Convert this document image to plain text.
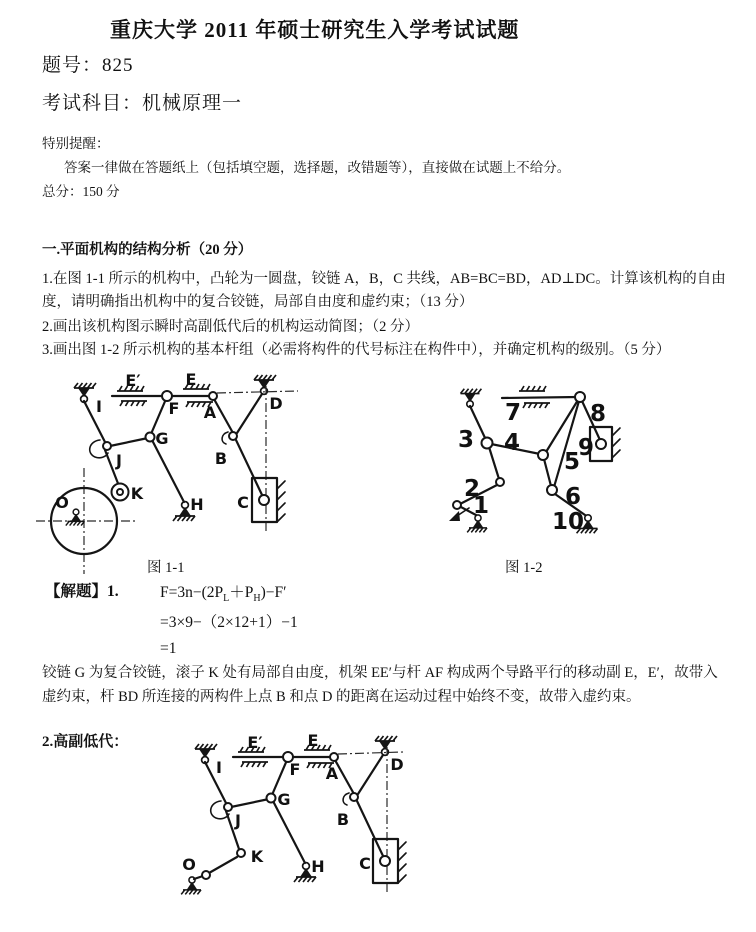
重庆大学 2011 年硕士研究生入学考试试题
题号：825
考试科目：机械原理一
特别提醒：
答案一律做在答题纸上（包括填空题，选择题，改错题等），直接做在试题上不给分。
总分：150 分
一.平面机构的结构分析（20 分）
1.在图 1-1 所示的机构中，凸轮为一圆盘，铰链 A，B，C 共线，AB=BC=BD，AD⊥DC。计算该机构的自由度，请明确指出机构中的复合铰链，局部自由度和虚约束；（13 分）
2.画出该机构图示瞬时高副低代后的机构运动简图；（2 分）
3.画出图 1-2 所示机构的基本杆组（必需将构件的代号标注在构件中），并确定机构的级别。（5 分）
I
E′	E
F A	D
G
J	B
K
O	H C
图 1-1
3 4
2
1
7	8
9
5
6
10
图 1-2
【解题】1.	$F=3n-(2P_L+P_H)-F'$
=3×9−（2×12+1）−1
=1
铰链 G 为复合铰链，滚子 K 处有局部自由度，机架 EE′与杆 AF 构成两个导路平行的移动副 E，E′，故带入虚约束，杆 BD 所连接的两构件上点 B 和点 D 的距离在运动过程中始终不变，故带入虚约束。
2.高副低代：
I
E′	E
F A	D
G
J	B
K
O	H C
